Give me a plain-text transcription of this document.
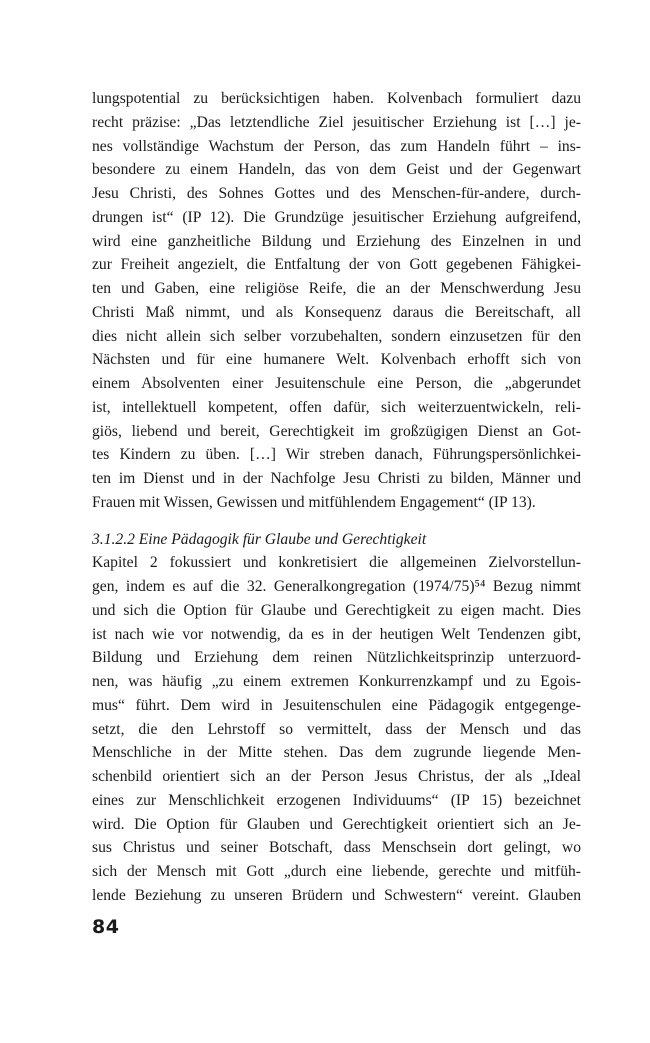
lungspotential zu berücksichtigen haben. Kolvenbach formuliert dazu
recht präzise: „Das letztendliche Ziel jesuitischer Erziehung ist […] je-
nes vollständige Wachstum der Person, das zum Handeln führt – ins-
besondere zu einem Handeln, das von dem Geist und der Gegenwart
Jesu Christi, des Sohnes Gottes und des Menschen-für-andere, durch-
drungen ist“ (IP 12). Die Grundzüge jesuitischer Erziehung aufgreifend,
wird eine ganzheitliche Bildung und Erziehung des Einzelnen in und
zur Freiheit angezielt, die Entfaltung der von Gott gegebenen Fähigkei-
ten und Gaben, eine religiöse Reife, die an der Menschwerdung Jesu
Christi Maß nimmt, und als Konsequenz daraus die Bereitschaft, all
dies nicht allein sich selber vorzubehalten, sondern einzusetzen für den
Nächsten und für eine humanere Welt. Kolvenbach erhofft sich von
einem Absolventen einer Jesuitenschule eine Person, die „abgerundet
ist, intellektuell kompetent, offen dafür, sich weiterzuentwickeln, reli-
giös, liebend und bereit, Gerechtigkeit im großzügigen Dienst an Got-
tes Kindern zu üben. […] Wir streben danach, Führungspersönlichkei-
ten im Dienst und in der Nachfolge Jesu Christi zu bilden, Männer und
Frauen mit Wissen, Gewissen und mitfühlendem Engagement“ (IP 13).
3.1.2.2 Eine Pädagogik für Glaube und Gerechtigkeit
Kapitel 2 fokussiert und konkretisiert die allgemeinen Zielvorstellun-
gen, indem es auf die 32. Generalkongregation (1974/75)⁵⁴ Bezug nimmt
und sich die Option für Glaube und Gerechtigkeit zu eigen macht. Dies
ist nach wie vor notwendig, da es in der heutigen Welt Tendenzen gibt,
Bildung und Erziehung dem reinen Nützlichkeitsprinzip unterzuord-
nen, was häufig „zu einem extremen Konkurrenzkampf und zu Egois-
mus“ führt. Dem wird in Jesuitenschulen eine Pädagogik entgegenge-
setzt, die den Lehrstoff so vermittelt, dass der Mensch und das
Menschliche in der Mitte stehen. Das dem zugrunde liegende Men-
schenbild orientiert sich an der Person Jesus Christus, der als „Ideal
eines zur Menschlichkeit erzogenen Individuums“ (IP 15) bezeichnet
wird. Die Option für Glauben und Gerechtigkeit orientiert sich an Je-
sus Christus und seiner Botschaft, dass Menschsein dort gelingt, wo
sich der Mensch mit Gott „durch eine liebende, gerechte und mitfüh-
lende Beziehung zu unseren Brüdern und Schwestern“ vereint. Glauben
84
